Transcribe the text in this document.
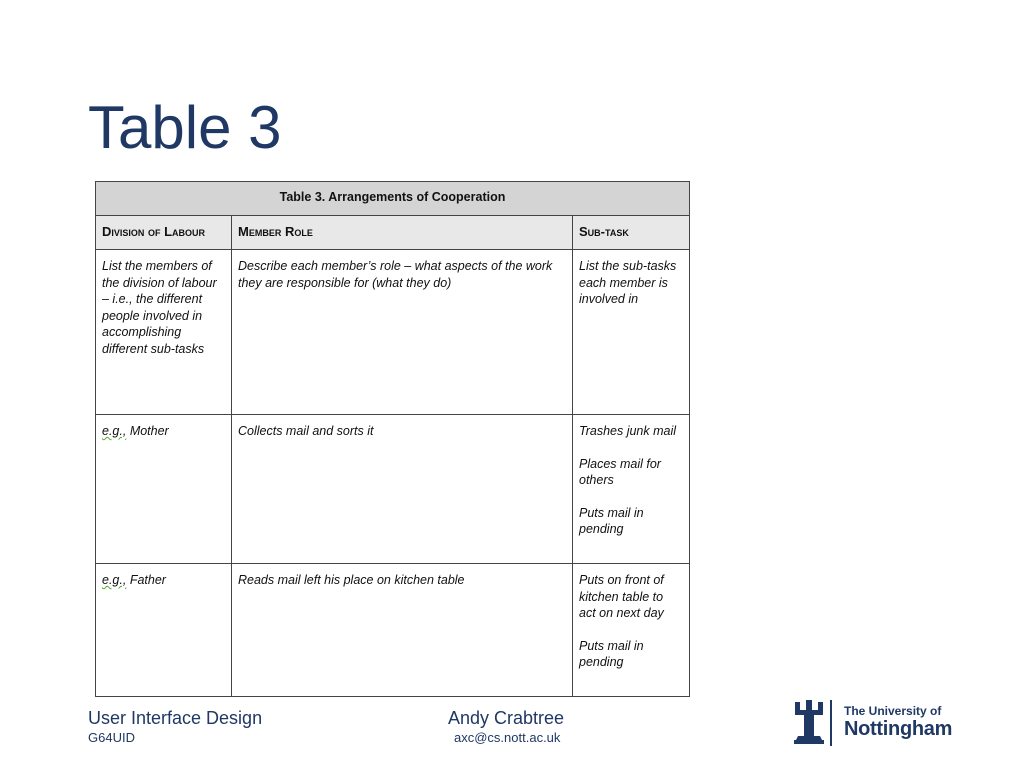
Table 3
Table 3. Arrangements of Cooperation		
Division of Labour	Member Role	Sub-task
List the members of the division of labour – i.e., the different people involved in accomplishing different sub-tasks	Describe each member’s role – what aspects of the work they are responsible for (what they do)	List the sub-tasks each member is involved in
e.g., Mother	Collects mail and sorts it	Trashes junk mail

Places mail for others

Puts mail in pending

e.g., Father	Reads mail left his place on kitchen table	Puts on front of kitchen table to act on next day

Puts mail in pending

User Interface Design
G64UID
Andy Crabtree
axc@cs.nott.ac.uk
The University of
Nottingham
